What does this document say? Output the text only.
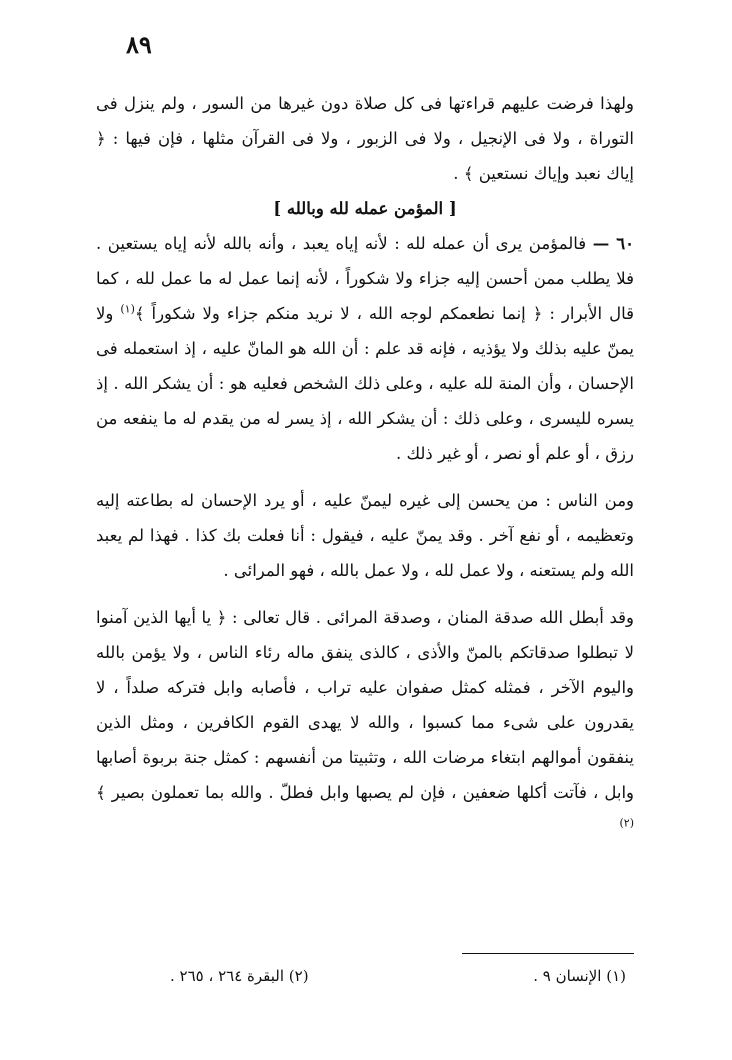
٨٩

ولهذا فرضت عليهم قراءتها فى كل صلاة دون غيرها من السور ، ولم ينزل فى التوراة ، ولا فى الإنجيل ، ولا فى الزبور ، ولا فى القرآن مثلها ، فإن فيها : ﴿ إياك نعبد وإياك نستعين ﴾ .

[ المؤمن عمله لله وبالله ]

٦٠ — فالمؤمن يرى أن عمله لله : لأنه إياه يعبد ، وأنه بالله لأنه إياه يستعين . فلا يطلب ممن أحسن إليه جزاء ولا شكوراً ، لأنه إنما عمل له ما عمل لله ، كما قال الأبرار : ﴿ إنما نطعمكم لوجه الله ، لا نريد منكم جزاء ولا شكوراً ﴾$^{(١)}$ ولا يمنّ عليه بذلك ولا يؤذيه ، فإنه قد علم : أن الله هو المانّ عليه ، إذ استعمله فى الإحسان ، وأن المنة لله عليه ، وعلى ذلك الشخص فعليه هو : أن يشكر الله . إذ يسره لليسرى ، وعلى ذلك : أن يشكر الله ، إذ يسر له من يقدم له ما ينفعه من رزق ، أو علم أو نصر ، أو غير ذلك .

ومن الناس : من يحسن إلى غيره ليمنّ عليه ، أو يرد الإحسان له بطاعته إليه وتعظيمه ، أو نفع آخر . وقد يمنّ عليه ، فيقول : أنا فعلت بك كذا . فهذا لم يعبد الله ولم يستعنه ، ولا عمل لله ، ولا عمل بالله ، فهو المرائى .

وقد أبطل الله صدقة المنان ، وصدقة المرائى . قال تعالى : ﴿ يا أيها الذين آمنوا لا تبطلوا صدقاتكم بالمنّ والأذى ، كالذى ينفق ماله رئاء الناس ، ولا يؤمن بالله واليوم الآخر ، فمثله كمثل صفوان عليه تراب ، فأصابه وابل فتركه صلداً ، لا يقدرون على شىء مما كسبوا ، والله لا يهدى القوم الكافرين ، ومثل الذين ينفقون أموالهم ابتغاء مرضات الله ، وتثبيتا من أنفسهم : كمثل جنة بربوة أصابها وابل ، فآتت أكلها ضعفين ، فإن لم يصبها وابل فطلّ . والله بما تعملون بصير ﴾$^{(٢)}$

(١) الإنسان ٩ .
(٢) البقرة ٢٦٤ ، ٢٦٥ .
